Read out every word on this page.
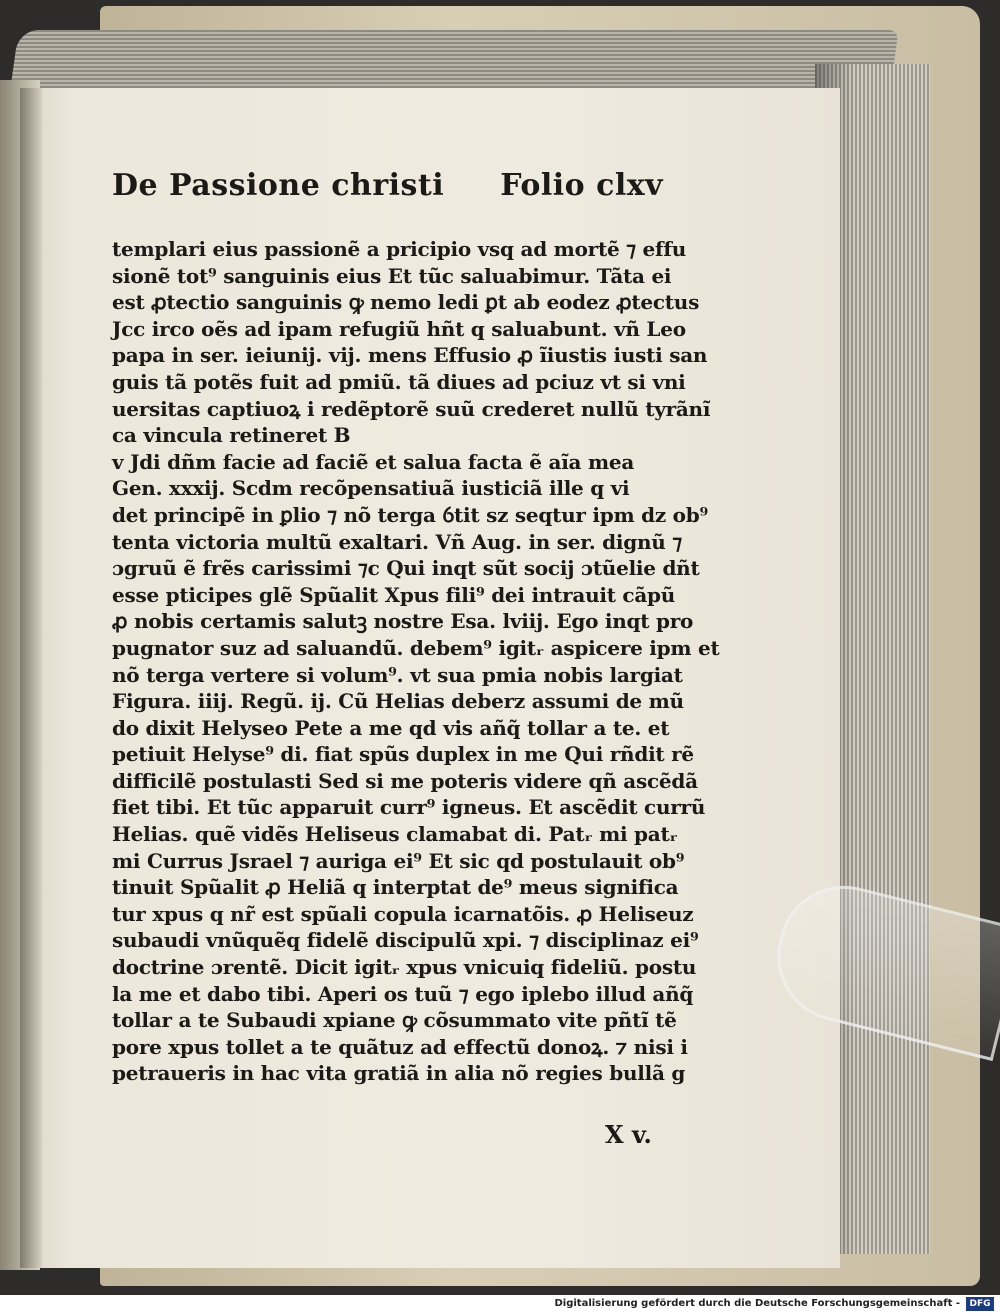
De Passione christi Folio clxv
templari eius passionẽ a pricipio vsq ad mortẽ ⁊ effu
sionẽ tot⁹ sanguinis eius Et tũc saluabimur. Tãta ei
est ꝓtectio sanguinis ꝙ nemo ledi ꝑt ab eodez ꝓtectus
Jcc irco oẽs ad ipam refugiũ hñt q saluabunt. vñ Leo
papa in ser. ieiunij. vij. mens Effusio ꝓ ĩiustis iusti san
guis tã potẽs fuit ad pmiũ. tã diues ad pciuz vt si vni
uersitas captiuoꝝ i redẽptorẽ suũ crederet nullũ tyrãnĩ
ca vincula retineret B
v Jdi dñm facie ad faciẽ et salua facta ẽ aĩa mea
Gen. xxxij. Scdm recõpensatiuã iusticiã ille q vi
det principẽ in ꝑlio ⁊ nõ terga ỽtit sz seqtur ipm dz ob⁹
tenta victoria multũ exaltari. Vñ Aug. in ser. dignũ ⁊
ɔgruũ ẽ frẽs carissimi ⁊c Qui inqt sũt socij ɔtũelie dñt
esse pticipes glẽ Spũalit Xpus fili⁹ dei intrauit cãpũ
ꝓ nobis certamis salutꝫ nostre Esa. lviij. Ego inqt pro
pugnator suz ad saluandũ. debem⁹ igitᵣ aspicere ipm et
nõ terga vertere si volum⁹. vt sua pmia nobis largiat
Figura. iiij. Regũ. ij. Cũ Helias deberz assumi de mũ
do dixit Helyseo Pete a me qd vis añq̃ tollar a te. et
petiuit Helyse⁹ di. fiat spũs duplex in me Qui rñdit rẽ
difficilẽ postulasti Sed si me poteris videre qñ ascẽdã
fiet tibi. Et tũc apparuit curr⁹ igneus. Et ascẽdit currũ
Helias. quẽ vidẽs Heliseus clamabat di. Patᵣ mi patᵣ
mi Currus Jsrael ⁊ auriga ei⁹ Et sic qd postulauit ob⁹
tinuit Spũalit ꝓ Heliã q interptat de⁹ meus significa
tur xpus q nr̃ est spũali copula icarnatõis. ꝓ Heliseuz
subaudi vnũquẽq fidelẽ discipulũ xpi. ⁊ disciplinaz ei⁹
doctrine ɔrentẽ. Dicit igitᵣ xpus vnicuiq fideliũ. postu
la me et dabo tibi. Aperi os tuũ ⁊ ego iplebo illud añq̃
tollar a te Subaudi xpiane ꝙ cõsummato vite pñtĩ tẽ
pore xpus tollet a te quãtuz ad effectũ donoꝝ. ⁊ nisi i
petraueris in hac vita gratiã in alia nõ regies bullã g
X v.
Digitalisierung gefördert durch die Deutsche Forschungsgemeinschaft -	DFG
